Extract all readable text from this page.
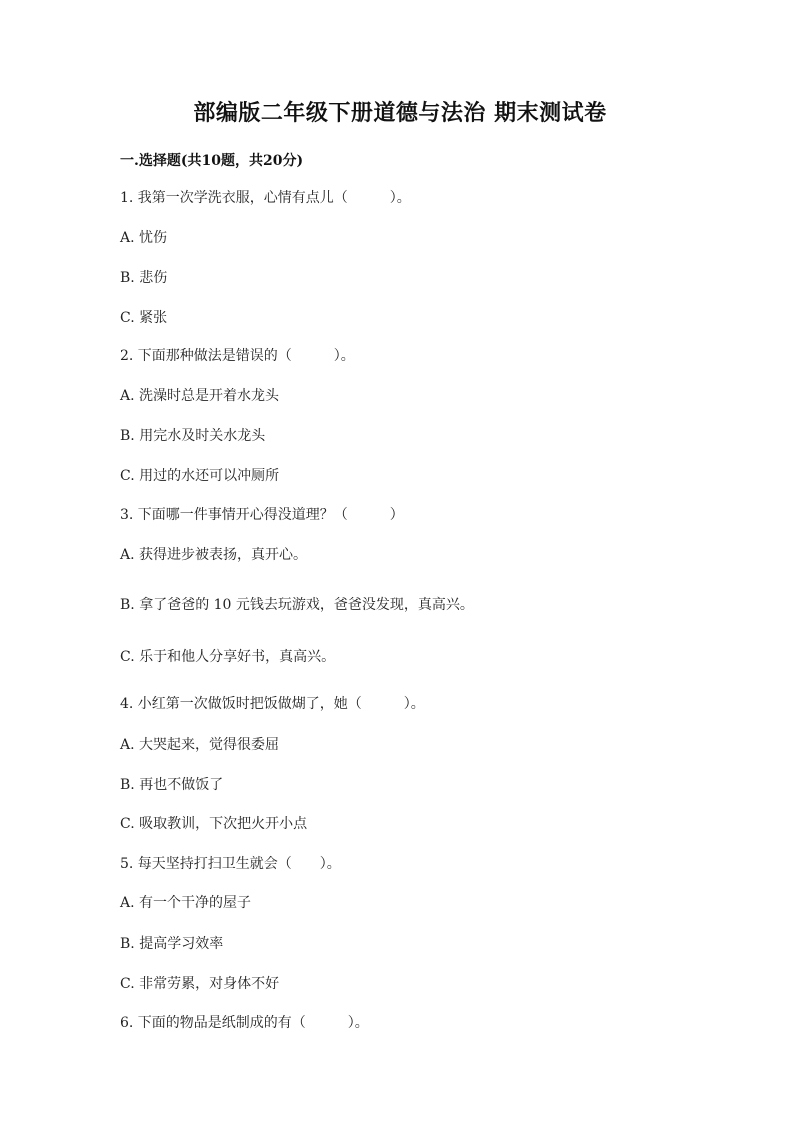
部编版二年级下册道德与法治 期末测试卷
一.选择题(共10题，共20分)
1. 我第一次学洗衣服，心情有点儿（　　　）。
A. 忧伤
B. 悲伤
C. 紧张
2. 下面那种做法是错误的（　　　）。
A. 洗澡时总是开着水龙头
B. 用完水及时关水龙头
C. 用过的水还可以冲厕所
3. 下面哪一件事情开心得没道理？（　　　）
A. 获得进步被表扬，真开心。
B. 拿了爸爸的 10 元钱去玩游戏，爸爸没发现，真高兴。
C. 乐于和他人分享好书，真高兴。
4. 小红第一次做饭时把饭做煳了，她（　　　）。
A. 大哭起来，觉得很委屈
B. 再也不做饭了
C. 吸取教训，下次把火开小点
5. 每天坚持打扫卫生就会（　　）。
A. 有一个干净的屋子
B. 提高学习效率
C. 非常劳累，对身体不好
6. 下面的物品是纸制成的有（　　　）。
